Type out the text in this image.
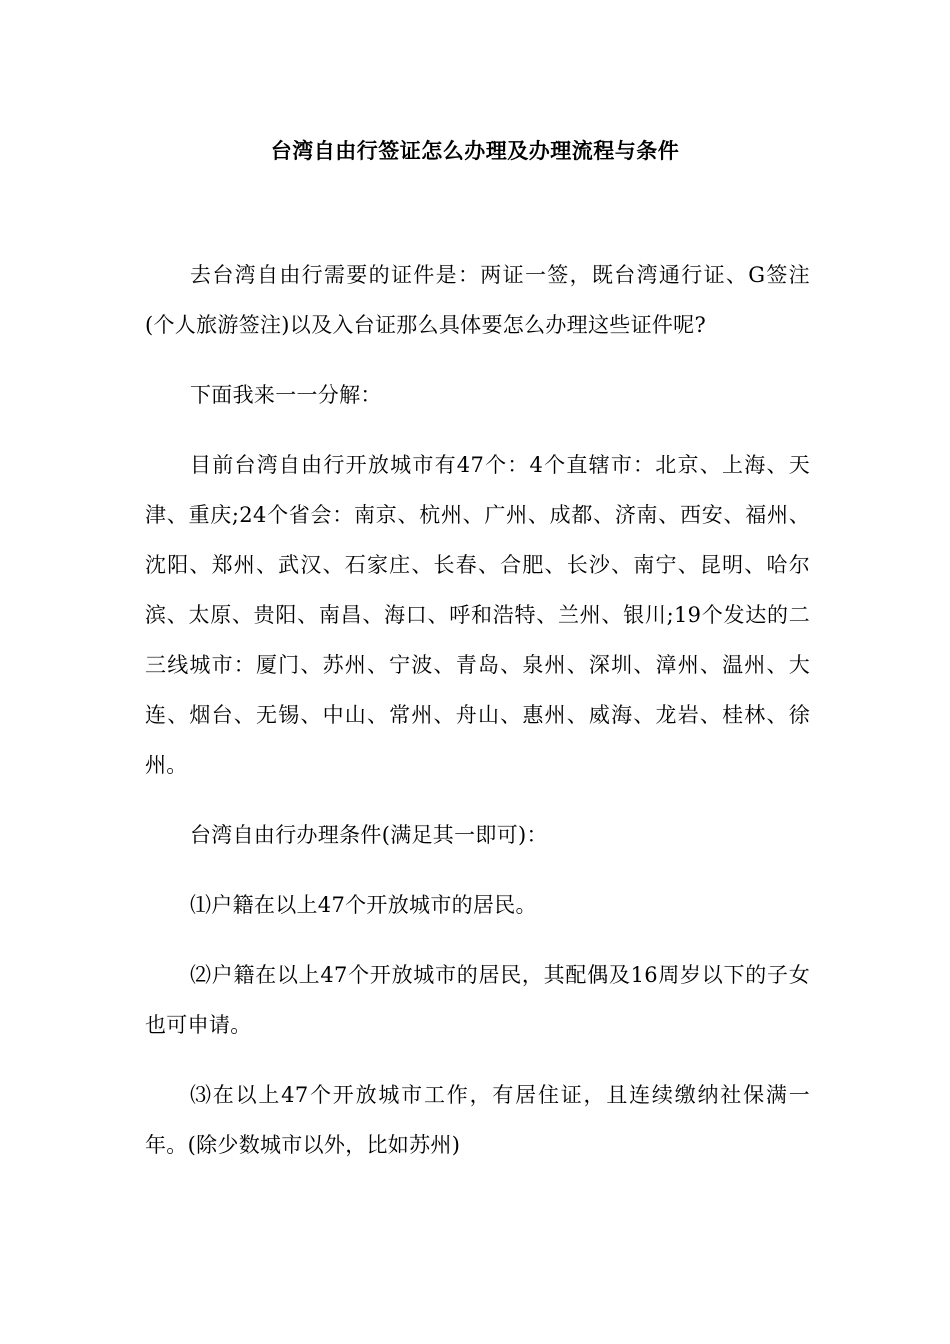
台湾自由行签证怎么办理及办理流程与条件

去台湾自由行需要的证件是：两证一签，既台湾通行证、G签注(个人旅游签注)以及入台证那么具体要怎么办理这些证件呢?

下面我来一一分解：

目前台湾自由行开放城市有47个：4个直辖市：北京、上海、天津、重庆;24个省会：南京、杭州、广州、成都、济南、西安、福州、沈阳、郑州、武汉、石家庄、长春、合肥、长沙、南宁、昆明、哈尔滨、太原、贵阳、南昌、海口、呼和浩特、兰州、银川;19个发达的二三线城市：厦门、苏州、宁波、青岛、泉州、深圳、漳州、温州、大连、烟台、无锡、中山、常州、舟山、惠州、威海、龙岩、桂林、徐州。

台湾自由行办理条件(满足其一即可)：

⑴户籍在以上47个开放城市的居民。

⑵户籍在以上47个开放城市的居民，其配偶及16周岁以下的子女也可申请。

⑶在以上47个开放城市工作，有居住证，且连续缴纳社保满一年。(除少数城市以外，比如苏州)
